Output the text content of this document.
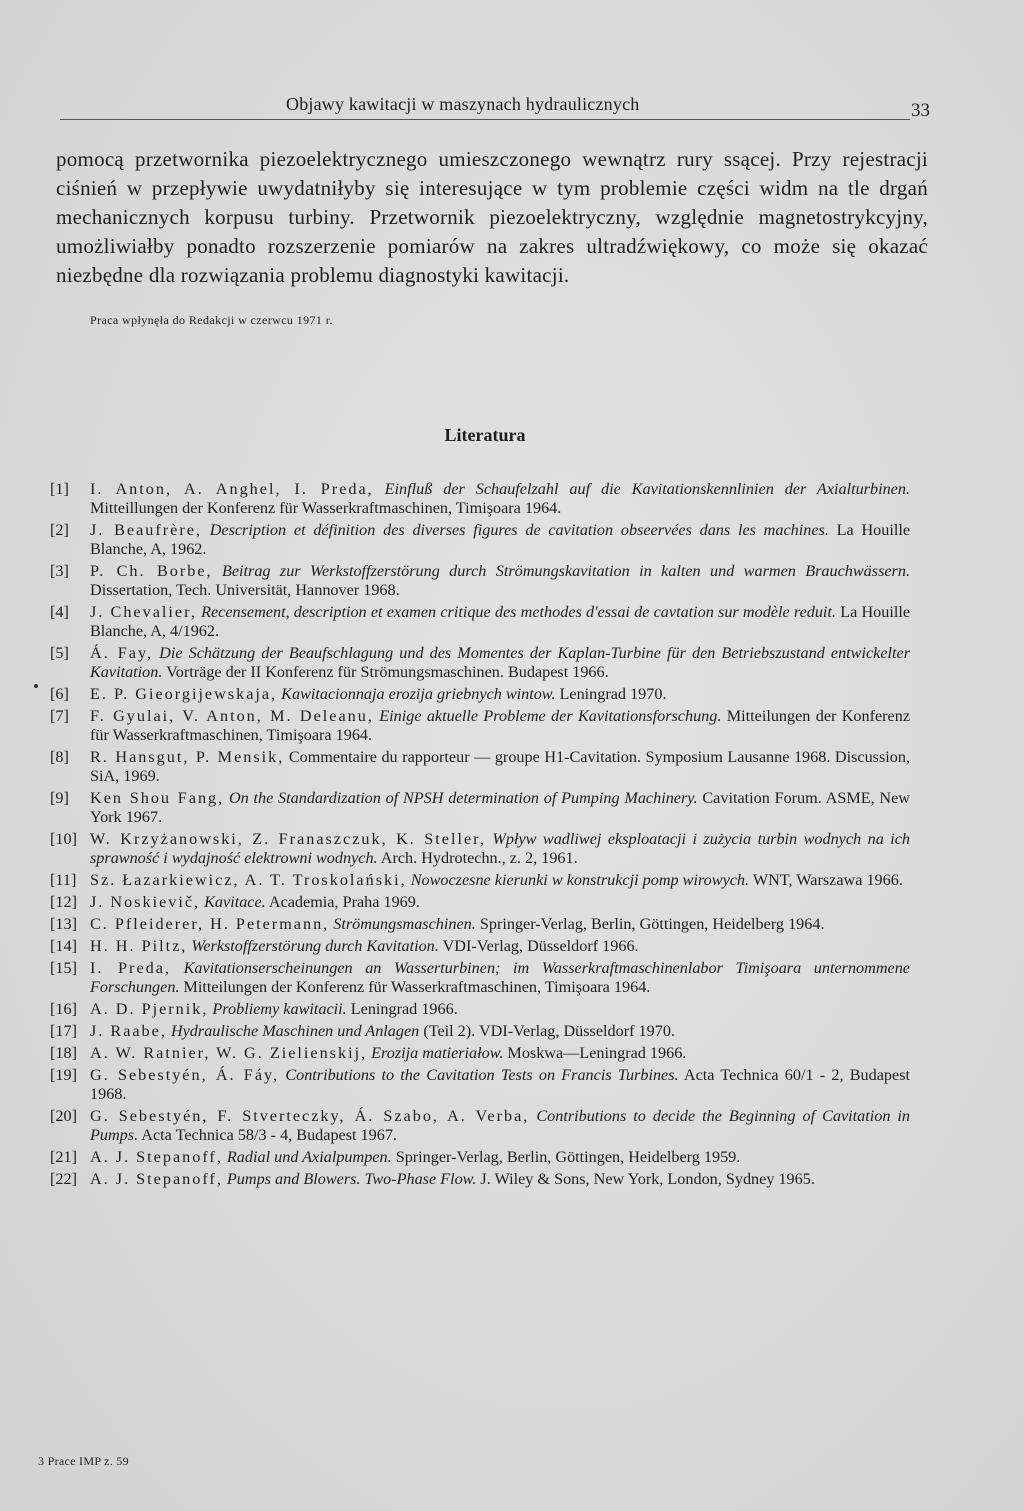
Objawy kawitacji w maszynach hydraulicznych	33

pomocą przetwornika piezoelektrycznego umieszczonego wewnątrz rury ssącej. Przy rejestracji ciśnień w przepływie uwydatniłyby się interesujące w tym problemie części widm na tle drgań mechanicznych korpusu turbiny. Przetwornik piezoelektryczny, względnie magnetostrykcyjny, umożliwiałby ponadto rozszerzenie pomiarów na zakres ultradźwiękowy, co może się okazać niezbędne dla rozwiązania problemu diagnostyki kawitacji.

Praca wpłynęła do Redakcji w czerwcu 1971 r.
Literatura
[1] I. Anton, A. Anghel, I. Preda, Einfluß der Schaufelzahl auf die Kavitationskennlinien der Axialturbinen. Mitteillungen der Konferenz für Wasserkraftmaschinen, Timişoara 1964.
[2] J. Beaufrère, Description et définition des diverses figures de cavitation obseervées dans les machines. La Houille Blanche, A, 1962.
[3] P. Ch. Borbe, Beitrag zur Werkstoffzerstörung durch Strömungskavitation in kalten und warmen Brauchwässern. Dissertation, Tech. Universität, Hannover 1968.
[4] J. Chevalier, Recensement, description et examen critique des methodes d'essai de cavtation sur modèle reduit. La Houille Blanche, A, 4/1962.
[5] Á. Fay, Die Schätzung der Beaufschlagung und des Momentes der Kaplan-Turbine für den Betriebszustand entwickelter Kavitation. Vorträge der II Konferenz für Strömungsmaschinen. Budapest 1966.
[6] E. P. Gieorgijewskaja, Kawitacionnaja erozija griebnych wintow. Leningrad 1970.
[7] F. Gyulai, V. Anton, M. Deleanu, Einige aktuelle Probleme der Kavitationsforschung. Mitteilungen der Konferenz für Wasserkraftmaschinen, Timişoara 1964.
[8] R. Hansgut, P. Mensik, Commentaire du rapporteur — groupe H1-Cavitation. Symposium Lausanne 1968. Discussion, SiA, 1969.
[9] Ken Shou Fang, On the Standardization of NPSH determination of Pumping Machinery. Cavitation Forum. ASME, New York 1967.
[10] W. Krzyżanowski, Z. Franaszczuk, K. Steller, Wpływ wadliwej eksploatacji i zużycia turbin wodnych na ich sprawność i wydajność elektrowni wodnych. Arch. Hydrotechn., z. 2, 1961.
[11] Sz. Łazarkiewicz, A. T. Troskolański, Nowoczesne kierunki w konstrukcji pomp wirowych. WNT, Warszawa 1966.
[12] J. Noskievič, Kavitace. Academia, Praha 1969.
[13] C. Pfleiderer, H. Petermann, Strömungsmaschinen. Springer-Verlag, Berlin, Göttingen, Heidelberg 1964.
[14] H. H. Piltz, Werkstoffzerstörung durch Kavitation. VDI-Verlag, Düsseldorf 1966.
[15] I. Preda, Kavitationserscheinungen an Wasserturbinen; im Wasserkraftmaschinenlabor Timişoara unternommene Forschungen. Mitteilungen der Konferenz für Wasserkraftmaschinen, Timişoara 1964.
[16] A. D. Pjernik, Probliemy kawitacii. Leningrad 1966.
[17] J. Raabe, Hydraulische Maschinen und Anlagen (Teil 2). VDI-Verlag, Düsseldorf 1970.
[18] A. W. Ratnier, W. G. Zielienskij, Erozija matieriałow. Moskwa—Leningrad 1966.
[19] G. Sebestyén, Á. Fáy, Contributions to the Cavitation Tests on Francis Turbines. Acta Technica 60/1 - 2, Budapest 1968.
[20] G. Sebestyén, F. Stverteczky, Á. Szabo, A. Verba, Contributions to decide the Beginning of Cavitation in Pumps. Acta Technica 58/3 - 4, Budapest 1967.
[21] A. J. Stepanoff, Radial und Axialpumpen. Springer-Verlag, Berlin, Göttingen, Heidelberg 1959.
[22] A. J. Stepanoff, Pumps and Blowers. Two-Phase Flow. J. Wiley & Sons, New York, London, Sydney 1965.
3 Prace IMP z. 59
